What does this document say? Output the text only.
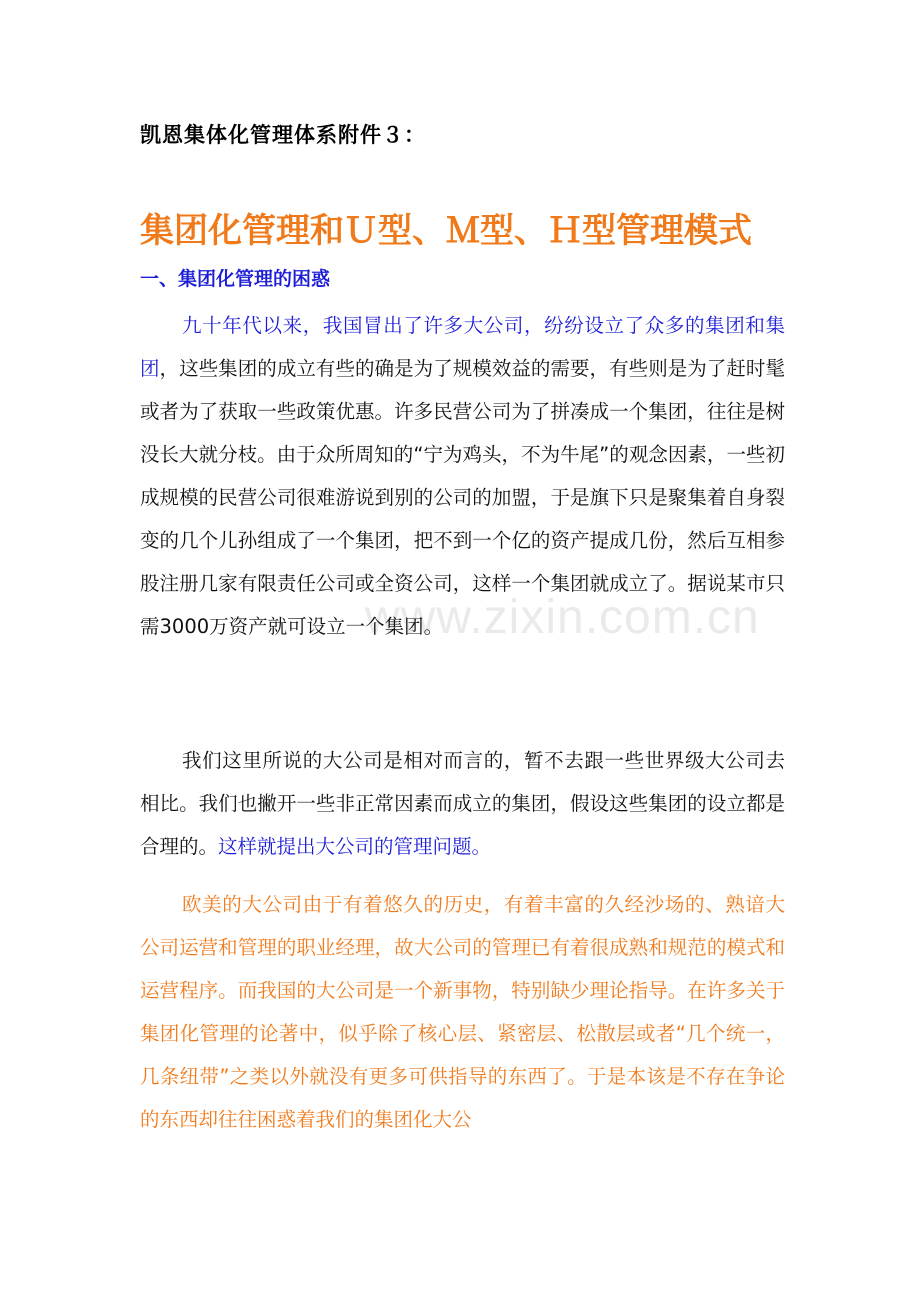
www.zixin.com.cn
凯恩集体化管理体系附件３：
集团化管理和Ｕ型、Ｍ型、Ｈ型管理模式
一、集团化管理的困惑

九十年代以来，我国冒出了许多大公司，纷纷设立了众多的集团和集团，这些集团的成立有些的确是为了规模效益的需要，有些则是为了赶时髦或者为了获取一些政策优惠。许多民营公司为了拼凑成一个集团，往往是树没长大就分枝。由于众所周知的“宁为鸡头，不为牛尾”的观念因素，一些初成规模的民营公司很难游说到别的公司的加盟，于是旗下只是聚集着自身裂变的几个儿孙组成了一个集团，把不到一个亿的资产提成几份，然后互相参股注册几家有限责任公司或全资公司，这样一个集团就成立了。据说某市只需3000万资产就可设立一个集团。

我们这里所说的大公司是相对而言的，暂不去跟一些世界级大公司去相比。我们也撇开一些非正常因素而成立的集团，假设这些集团的设立都是合理的。这样就提出大公司的管理问题。

欧美的大公司由于有着悠久的历史，有着丰富的久经沙场的、熟谙大公司运营和管理的职业经理，故大公司的管理已有着很成熟和规范的模式和运营程序。而我国的大公司是一个新事物，特别缺少理论指导。在许多关于集团化管理的论著中，似乎除了核心层、紧密层、松散层或者“几个统一，几条纽带”之类以外就没有更多可供指导的东西了。于是本该是不存在争论的东西却往往困惑着我们的集团化大公
